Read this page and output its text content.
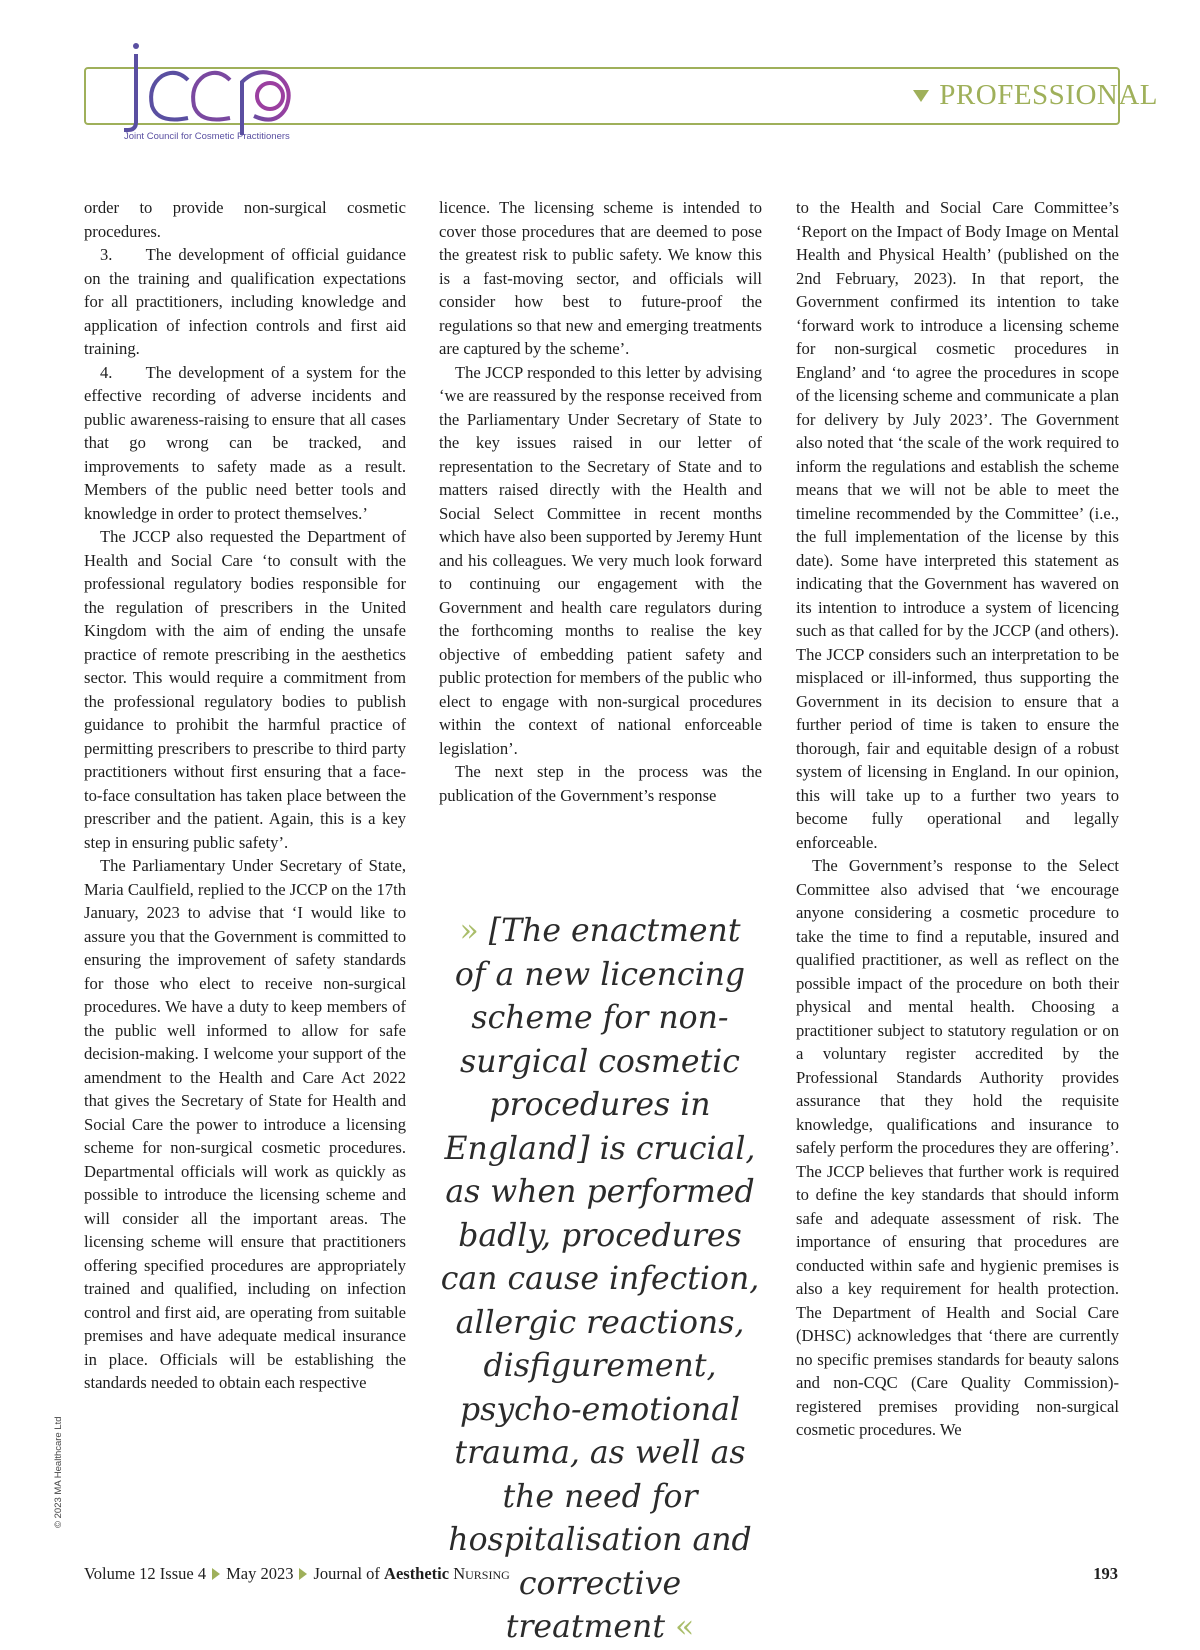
PROFESSIONAL
Joint Council for Cosmetic Practitioners

order to provide non-surgical cosmetic procedures.

3.  The development of official guidance on the training and qualification expectations for all practitioners, including knowledge and application of infection controls and first aid training.

4.  The development of a system for the effective recording of adverse incidents and public awareness-raising to ensure that all cases that go wrong can be tracked, and improvements to safety made as a result. Members of the public need better tools and knowledge in order to protect themselves.’

The JCCP also requested the Department of Health and Social Care ‘to consult with the professional regulatory bodies responsible for the regulation of prescribers in the United Kingdom with the aim of ending the unsafe practice of remote prescribing in the aesthetics sector. This would require a commitment from the professional regulatory bodies to publish guidance to prohibit the harmful practice of permitting prescribers to prescribe to third party practitioners without first ensuring that a face-to-face consultation has taken place between the prescriber and the patient. Again, this is a key step in ensuring public safety’.

The Parliamentary Under Secretary of State, Maria Caulfield, replied to the JCCP on the 17th January, 2023 to advise that ‘I would like to assure you that the Government is committed to ensuring the improvement of safety standards for those who elect to receive non-surgical procedures. We have a duty to keep members of the public well informed to allow for safe decision-making. I welcome your support of the amendment to the Health and Care Act 2022 that gives the Secretary of State for Health and Social Care the power to introduce a licensing scheme for non-surgical cosmetic procedures. Departmental officials will work as quickly as possible to introduce the licensing scheme and will consider all the important areas. The licensing scheme will ensure that practitioners offering specified procedures are appropriately trained and qualified, including on infection control and first aid, are operating from suitable premises and have adequate medical insurance in place. Officials will be establishing the standards needed to obtain each respective

licence. The licensing scheme is intended to cover those procedures that are deemed to pose the greatest risk to public safety. We know this is a fast-moving sector, and officials will consider how best to future-proof the regulations so that new and emerging treatments are captured by the scheme’.

The JCCP responded to this letter by advising ‘we are reassured by the response received from the Parliamentary Under Secretary of State to the key issues raised in our letter of representation to the Secretary of State and to matters raised directly with the Health and Social Select Committee in recent months which have also been supported by Jeremy Hunt and his colleagues. We very much look forward to continuing our engagement with the Government and health care regulators during the forthcoming months to realise the key objective of embedding patient safety and public protection for members of the public who elect to engage with non-surgical procedures within the context of national enforceable legislation’.

The next step in the process was the publication of the Government’s response

» [The enactment of a new licencing scheme for non-surgical cosmetic procedures in England] is crucial, as when performed badly, procedures can cause infection, allergic reactions, disfigurement, psycho-emotional trauma, as well as the need for hospitalisation and corrective treatment «

to the Health and Social Care Committee’s ‘Report on the Impact of Body Image on Mental Health and Physical Health’ (published on the 2nd February, 2023). In that report, the Government confirmed its intention to take ‘forward work to introduce a licensing scheme for non-surgical cosmetic procedures in England’ and ‘to agree the procedures in scope of the licensing scheme and communicate a plan for delivery by July 2023’. The Government also noted that ‘the scale of the work required to inform the regulations and establish the scheme means that we will not be able to meet the timeline recommended by the Committee’ (i.e., the full implementation of the license by this date). Some have interpreted this statement as indicating that the Government has wavered on its intention to introduce a system of licencing such as that called for by the JCCP (and others). The JCCP considers such an interpretation to be misplaced or ill-informed, thus supporting the Government in its decision to ensure that a further period of time is taken to ensure the thorough, fair and equitable design of a robust system of licensing in England. In our opinion, this will take up to a further two years to become fully operational and legally enforceable.

The Government’s response to the Select Committee also advised that ‘we encourage anyone considering a cosmetic procedure to take the time to find a reputable, insured and qualified practitioner, as well as reflect on the possible impact of the procedure on both their physical and mental health. Choosing a practitioner subject to statutory regulation or on a voluntary register accredited by the Professional Standards Authority provides assurance that they hold the requisite knowledge, qualifications and insurance to safely perform the procedures they are offering’. The JCCP believes that further work is required to define the key standards that should inform safe and adequate assessment of risk. The importance of ensuring that procedures are conducted within safe and hygienic premises is also a key requirement for health protection. The Department of Health and Social Care (DHSC) acknowledges that ‘there are currently no specific premises standards for beauty salons and non-CQC (Care Quality Commission)-registered premises providing non-surgical cosmetic procedures. We

© 2023 MA Healthcare Ltd
Volume 12 Issue 4 May 2023 Journal of
Aesthetic
Nursing	193
